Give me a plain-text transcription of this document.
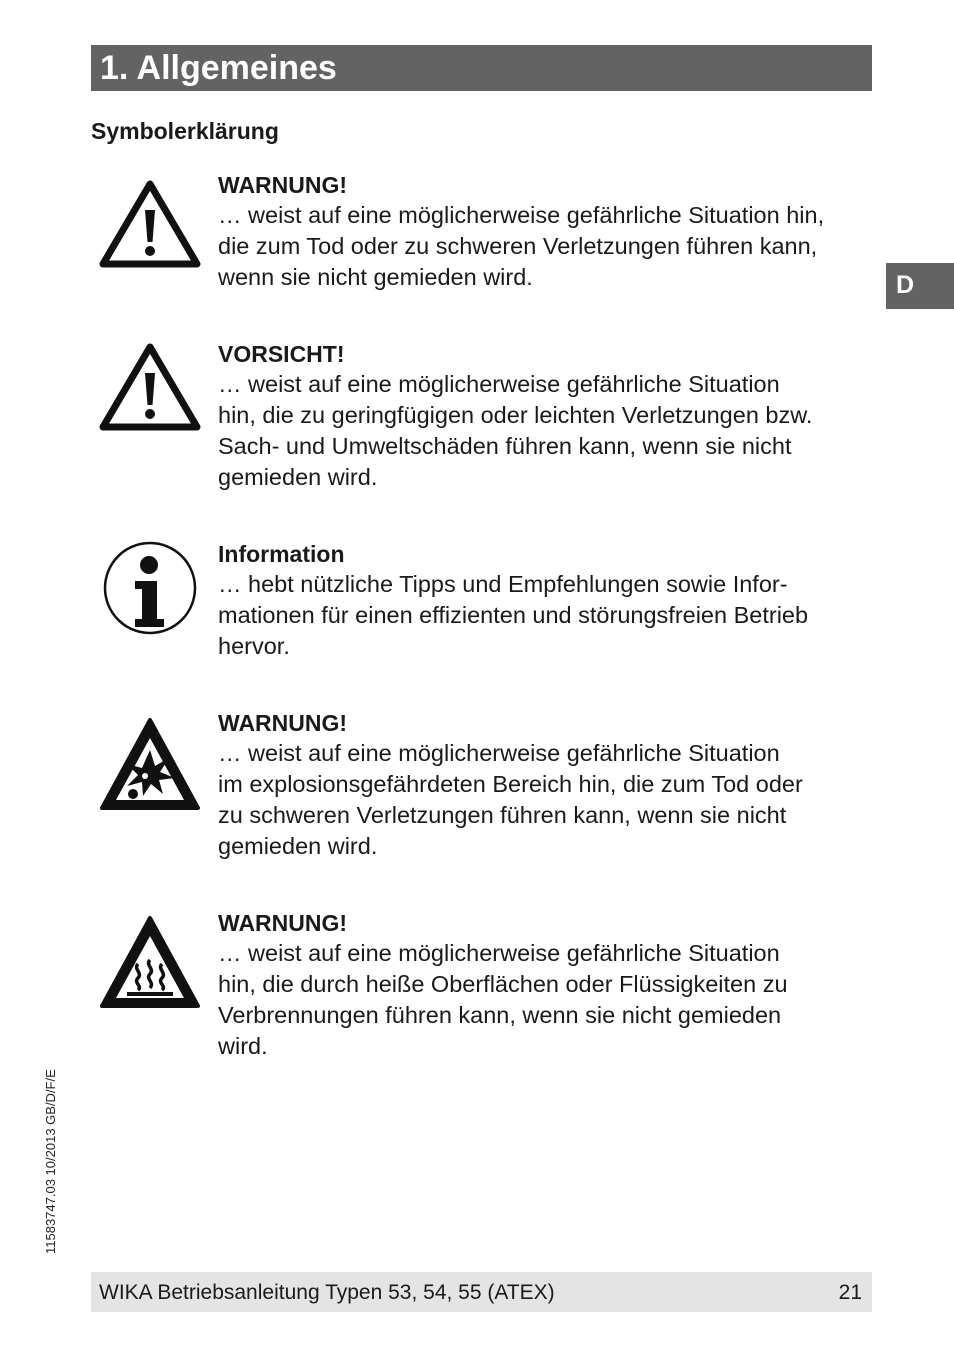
1. Allgemeines
Symbolerklärung
D
WARNUNG!
… weist auf eine möglicherweise gefährliche Situation hin,
die zum Tod oder zu schweren Verletzungen führen kann,
wenn sie nicht gemieden wird.
VORSICHT!
… weist auf eine möglicherweise gefährliche Situation
hin, die zu geringfügigen oder leichten Verletzungen bzw.
Sach- und Umweltschäden führen kann, wenn sie nicht
gemieden wird.
Information
… hebt nützliche Tipps und Empfehlungen sowie Infor-
mationen für einen effizienten und störungsfreien Betrieb
hervor.
WARNUNG!
… weist auf eine möglicherweise gefährliche Situation
im explosionsgefährdeten Bereich hin, die zum Tod oder
zu schweren Verletzungen führen kann, wenn sie nicht
gemieden wird.
WARNUNG!
… weist auf eine möglicherweise gefährliche Situation
hin, die durch heiße Oberflächen oder Flüssigkeiten zu
Verbrennungen führen kann, wenn sie nicht gemieden
wird.
11583747.03 10/2013 GB/D/F/E
WIKA Betriebsanleitung Typen 53, 54, 55 (ATEX)	21
